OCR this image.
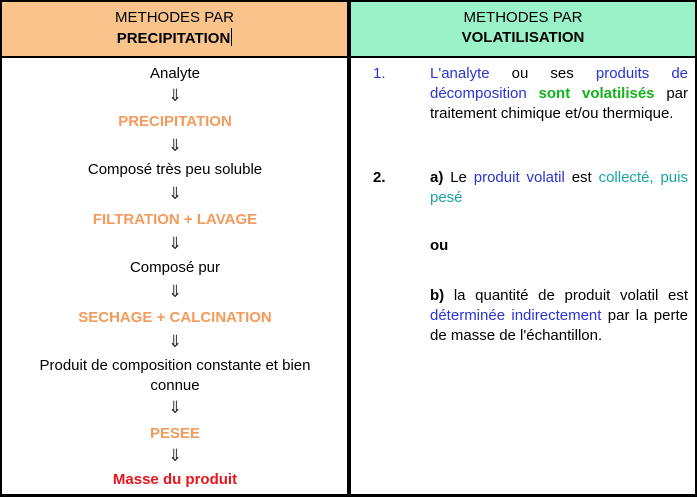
METHODES PAR
PRECIPITATION
METHODES PAR
VOLATILISATION
Analyte
⇓
PRECIPITATION
⇓
Composé très peu soluble
⇓
FILTRATION + LAVAGE
⇓
Composé pur
⇓
SECHAGE + CALCINATION
⇓
Produit de composition constante et bien
connue
⇓
PESEE
⇓
Masse du produit
1.	L'analyte ou ses produits de décomposition sont volatilisés par traitement chimique et/ou thermique.
2.	a) Le produit volatil est collecté, puis pesé
ou
b) la quantité de produit volatil est déterminée indirectement par la perte de masse de l'échantillon.
